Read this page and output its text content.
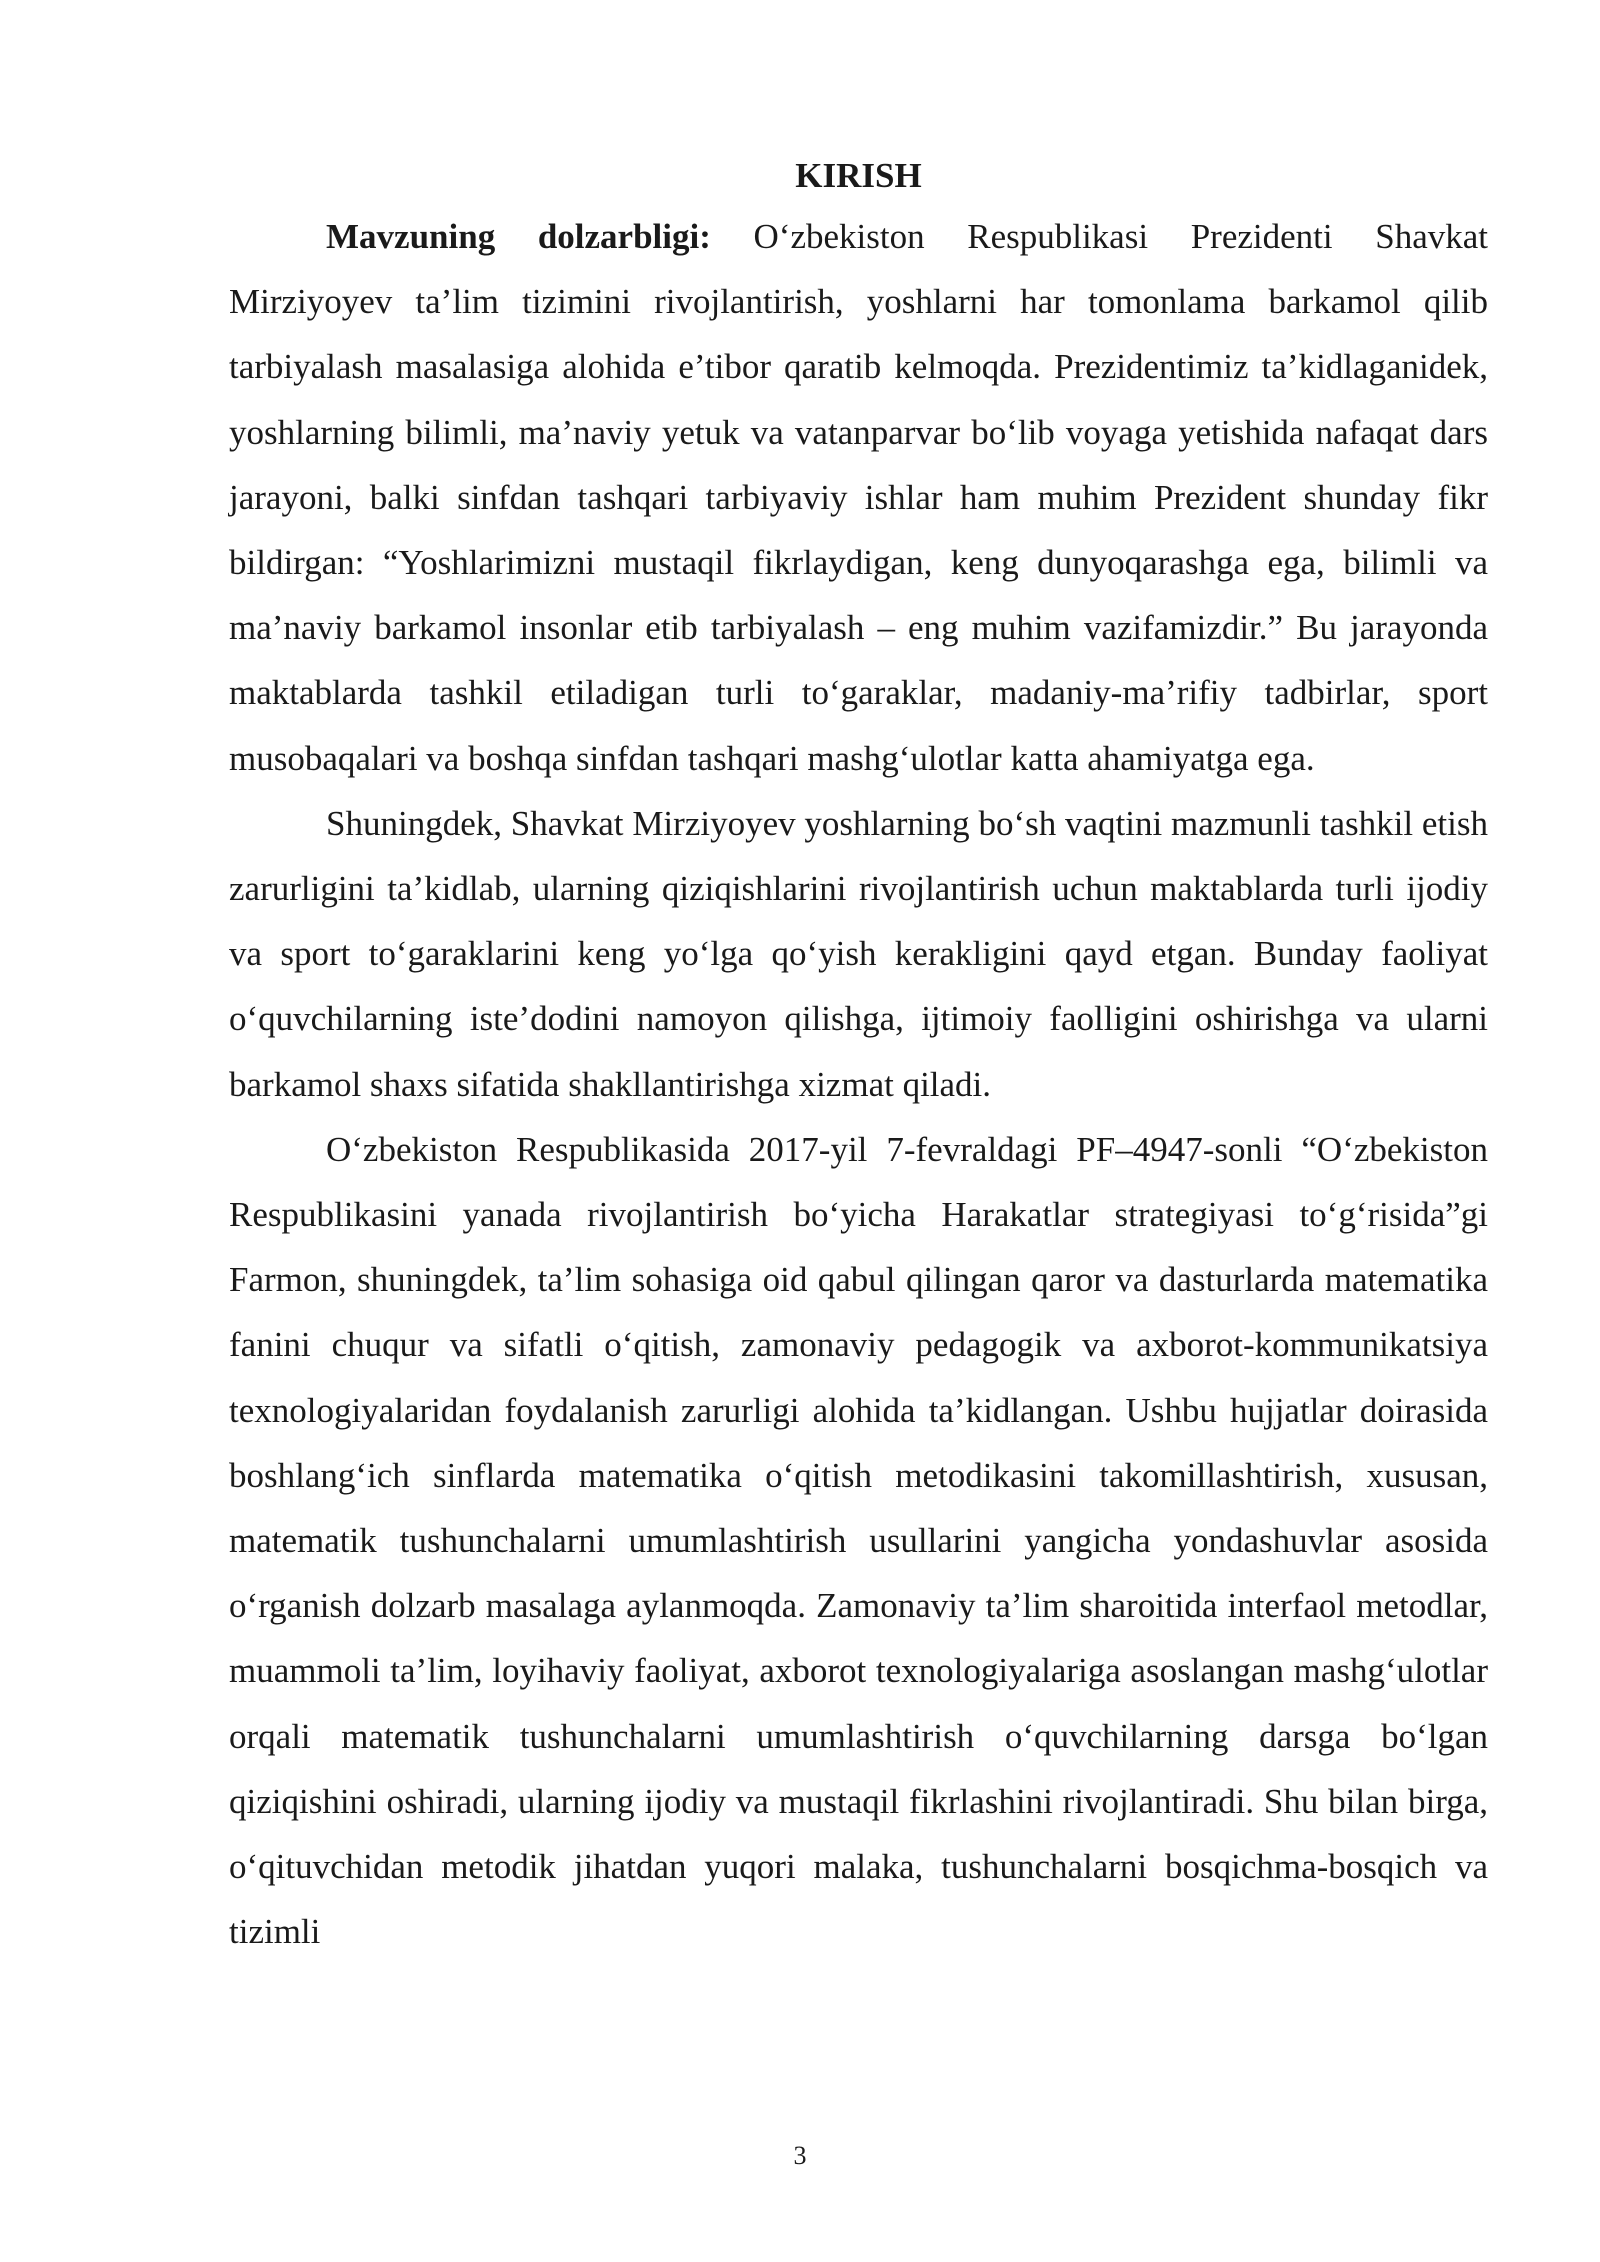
KIRISH

Mavzuning dolzarbligi: O‘zbekiston Respublikasi Prezidenti Shavkat Mirziyoyev ta’lim tizimini rivojlantirish, yoshlarni har tomonlama barkamol qilib tarbiyalash masalasiga alohida e’tibor qaratib kelmoqda. Prezidentimiz ta’kidlaganidek, yoshlarning bilimli, ma’naviy yetuk va vatanparvar bo‘lib voyaga yetishida nafaqat dars jarayoni, balki sinfdan tashqari tarbiyaviy ishlar ham muhim Prezident shunday fikr bildirgan: “Yoshlarimizni mustaqil fikrlaydigan, keng dunyoqarashga ega, bilimli va ma’naviy barkamol insonlar etib tarbiyalash – eng muhim vazifamizdir.” Bu jarayonda maktablarda tashkil etiladigan turli to‘garaklar, madaniy-ma’rifiy tadbirlar, sport musobaqalari va boshqa sinfdan tashqari mashg‘ulotlar katta ahamiyatga ega.

Shuningdek, Shavkat Mirziyoyev yoshlarning bo‘sh vaqtini mazmunli tashkil etish zarurligini ta’kidlab, ularning qiziqishlarini rivojlantirish uchun maktablarda turli ijodiy va sport to‘garaklarini keng yo‘lga qo‘yish kerakligini qayd etgan. Bunday faoliyat o‘quvchilarning iste’dodini namoyon qilishga, ijtimoiy faolligini oshirishga va ularni barkamol shaxs sifatida shakllantirishga xizmat qiladi.

O‘zbekiston Respublikasida 2017-yil 7-fevraldagi PF–4947-sonli “O‘zbekiston Respublikasini yanada rivojlantirish bo‘yicha Harakatlar strategiyasi to‘g‘risida”gi Farmon, shuningdek, ta’lim sohasiga oid qabul qilingan qaror va dasturlarda matematika fanini chuqur va sifatli o‘qitish, zamonaviy pedagogik va axborot-kommunikatsiya texnologiyalaridan foydalanish zarurligi alohida ta’kidlangan. Ushbu hujjatlar doirasida boshlang‘ich sinflarda matematika o‘qitish metodikasini takomillashtirish, xususan, matematik tushunchalarni umumlashtirish usullarini yangicha yondashuvlar asosida o‘rganish dolzarb masalaga aylanmoqda. Zamonaviy ta’lim sharoitida interfaol metodlar, muammoli ta’lim, loyihaviy faoliyat, axborot texnologiyalariga asoslangan mashg‘ulotlar orqali matematik tushunchalarni umumlashtirish o‘quvchilarning darsga bo‘lgan qiziqishini oshiradi, ularning ijodiy va mustaqil fikrlashini rivojlantiradi. Shu bilan birga, o‘qituvchidan metodik jihatdan yuqori malaka, tushunchalarni bosqichma-bosqich va tizimli

3
